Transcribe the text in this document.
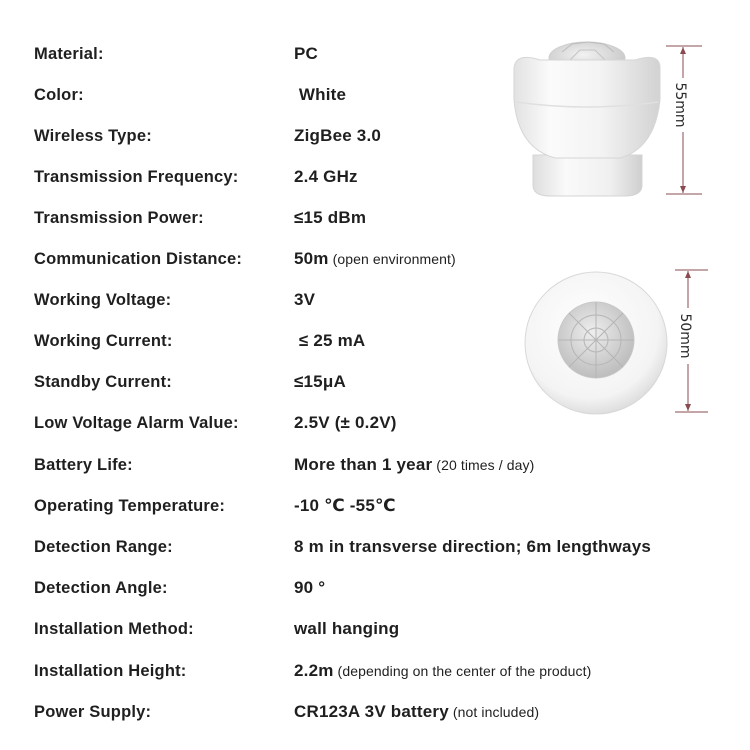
Material:	PC
Color:	White
Wireless Type:	ZigBee 3.0
Transmission Frequency:	2.4 GHz
Transmission Power:	≤15 dBm
Communication Distance:	50m (open environment)
Working Voltage:	3V
Working Current:	≤ 25 mA
Standby Current:	≤15μA
Low Voltage Alarm Value:	2.5V (± 0.2V)
Battery Life:	More than 1 year (20 times / day)
Operating Temperature:	-10 ℃ -55℃
Detection Range:	8 m in transverse direction; 6m lengthways
Detection Angle:	90 °
Installation Method:	wall hanging
Installation Height:	2.2m (depending on the center of the product)
Power Supply:	CR123A 3V battery (not included)
55mm
50mm
